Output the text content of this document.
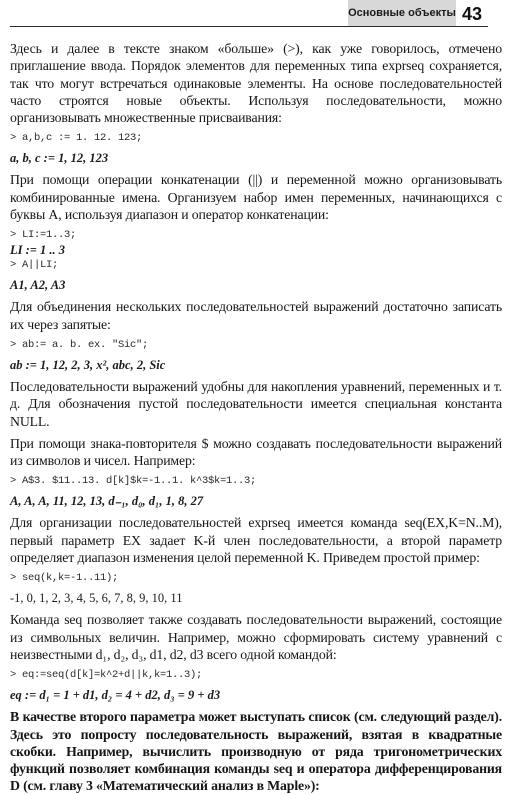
Основные объекты 43

Здесь и далее в тексте знаком «больше» (>), как уже говорилось, отмечено приглашение ввода. Порядок элементов для переменных типа exprseq сохраняется, так что могут встречаться одинаковые элементы. На основе последовательностей часто строятся новые объекты. Используя последовательности, можно организовывать множественные присваивания:

> a,b,c := 1. 12. 123;

a, b, c := 1, 12, 123

При помощи операции конкатенации (||) и переменной можно организовывать комбинированные имена. Организуем набор имен переменных, начинающихся с буквы A, используя диапазон и оператор конкатенации:

> LI:=1..3;

LI := 1 .. 3

> A||LI;

A1, A2, A3

Для объединения нескольких последовательностей выражений достаточно записать их через запятые:

> ab:= a. b. ex. "Sic";

ab := 1, 12, 2, 3, x², abc, 2, Sic

Последовательности выражений удобны для накопления уравнений, переменных и т. д. Для обозначения пустой последовательности имеется специальная константа NULL.

При помощи знака-повторителя $ можно создавать последовательности выражений из символов и чисел. Например:

> A$3. $11..13. d[k]$k=-1..1. k^3$k=1..3;

A, A, A, 11, 12, 13, d₋₁, d₀, d₁, 1, 8, 27

Для организации последовательностей exprseq имеется команда seq(EX,K=N..M), первый параметр EX задает K-й член последовательности, а второй параметр определяет диапазон изменения целой переменной K. Приведем простой пример:

> seq(k,k=-1..11);

-1, 0, 1, 2, 3, 4, 5, 6, 7, 8, 9, 10, 11

Команда seq позволяет также создавать последовательности выражений, состоящие из символьных величин. Например, можно сформировать систему уравнений с неизвестными d₁, d₂, d₃, d1, d2, d3 всего одной командой:

> eq:=seq(d[k]=k^2+d||k,k=1..3);

eq := d₁ = 1 + d1, d₂ = 4 + d2, d₃ = 9 + d3

В качестве второго параметра может выступать список (см. следующий раздел). Здесь это попросту последовательность выражений, взятая в квадратные скобки. Например, вычислить производную от ряда тригонометрических функций позволяет комбинация команды seq и оператора дифференцирования D (см. главу 3 «Математический анализ в Maple»):
